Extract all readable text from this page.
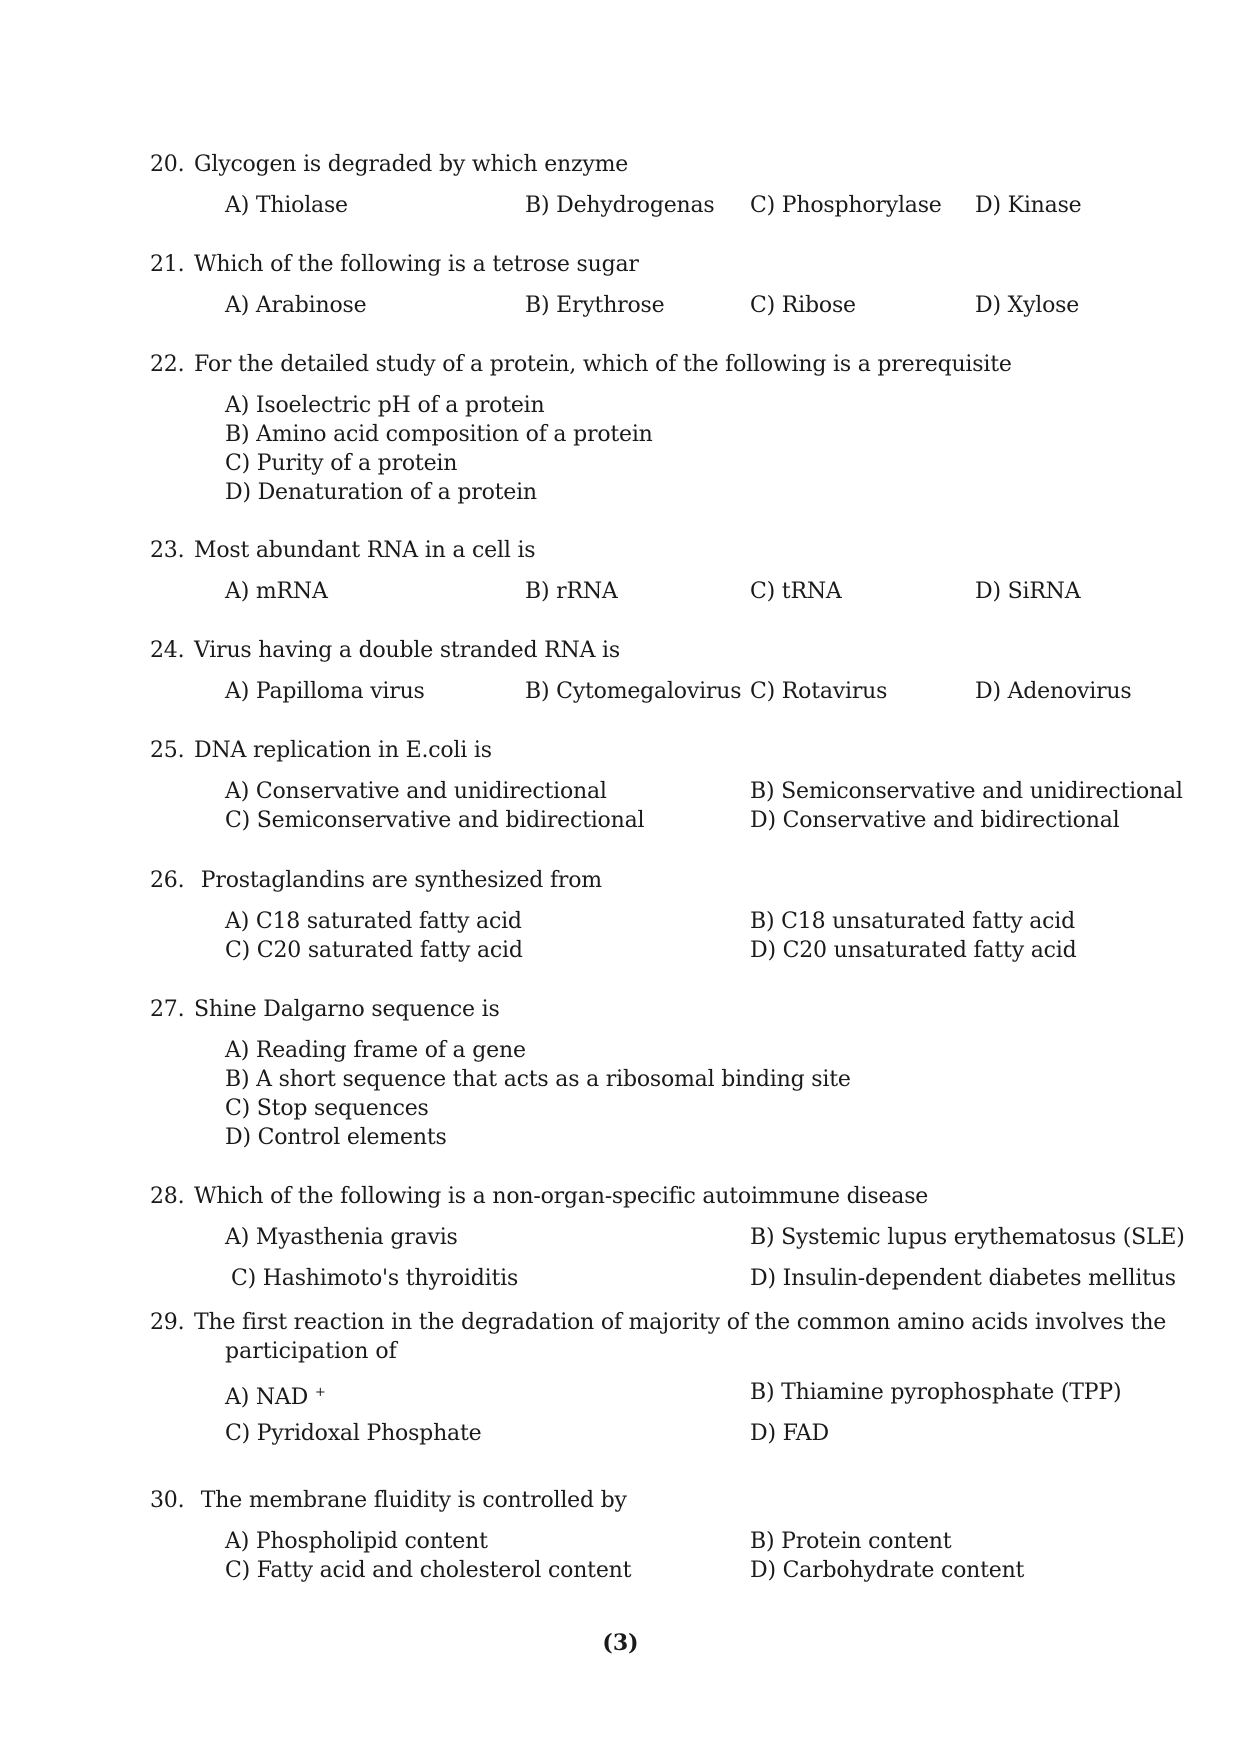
20. Glycogen is degraded by which enzyme
A) Thiolase	B) Dehydrogenas C) Phosphorylase D) Kinase
21. Which of the following is a tetrose sugar
A) Arabinose	B) Erythrose	C) Ribose	D) Xylose
22. For the detailed study of a protein, which of the following is a prerequisite
A) Isoelectric pH of a protein
B) Amino acid composition of a protein
C) Purity of a protein
D) Denaturation of a protein
23. Most abundant RNA in a cell is
A) mRNA	B) rRNA	C) tRNA	D) SiRNA
24. Virus having a double stranded RNA is
A) Papilloma virus	B) Cytomegalovirus C) Rotavirus	D) Adenovirus
25. DNA replication in E.coli is
A) Conservative and unidirectional	B) Semiconservative and unidirectional
C) Semiconservative and bidirectional	D) Conservative and bidirectional
26. Prostaglandins are synthesized from
A) C18 saturated fatty acid	B) C18 unsaturated fatty acid
C) C20 saturated fatty acid	D) C20 unsaturated fatty acid
27. Shine Dalgarno sequence is
A) Reading frame of a gene
B) A short sequence that acts as a ribosomal binding site
C) Stop sequences
D) Control elements
28. Which of the following is a non-organ-specific autoimmune disease
A) Myasthenia gravis	B) Systemic lupus erythematosus (SLE)
C) Hashimoto's thyroiditis	D) Insulin-dependent diabetes mellitus
29. The first reaction in the degradation of majority of the common amino acids involves the
participation of
A) NAD +	B) Thiamine pyrophosphate (TPP)
C) Pyridoxal Phosphate	D) FAD
30. The membrane fluidity is controlled by
A) Phospholipid content	B) Protein content
C) Fatty acid and cholesterol content	D) Carbohydrate content
(3)
